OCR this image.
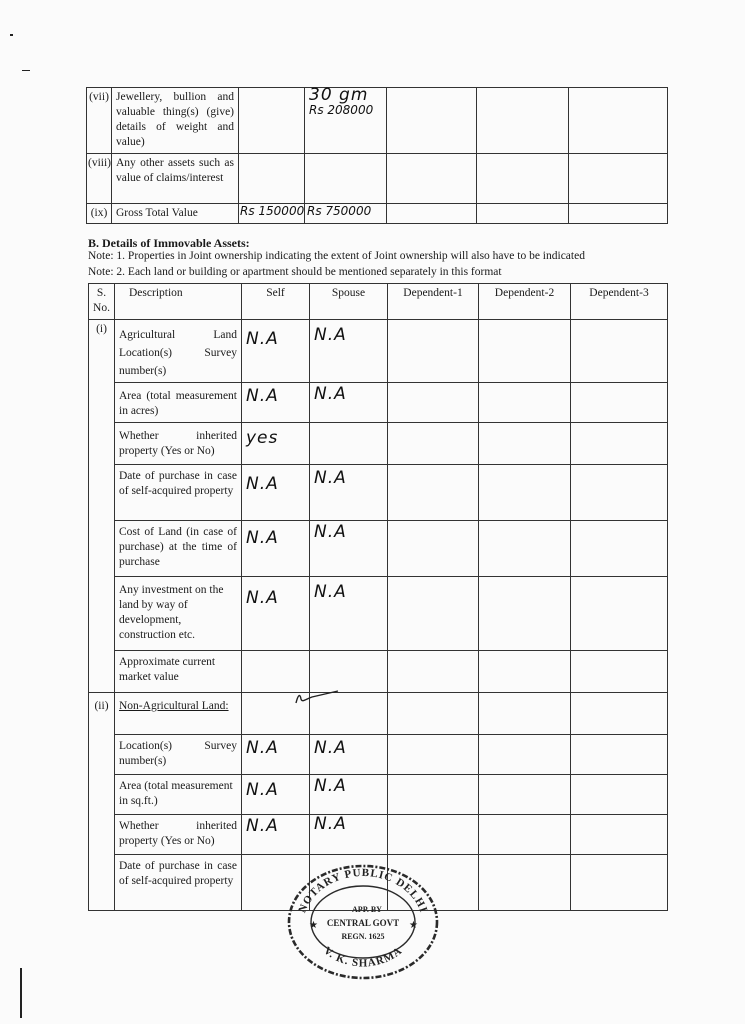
(vii)	Jewellery, bullion and valuable thing(s) (give) details of weight and value)		30 gm
Rs 208000			

(viii)	Any other assets such as value of claims/interest					
(ix)	Gross Total Value	Rs 150000	Rs 750000			
B. Details of Immovable Assets:
Note: 1. Properties in Joint ownership indicating the extent of Joint ownership will also have to be indicated
Note: 2. Each land or building or apartment should be mentioned separately in this format
S. No.	Description	Self	Spouse	Dependent-1	Dependent-2	Dependent-3
(i)	Agricultural Land Location(s) Survey number(s)	N.A	N.A			
	Area (total measurement in acres)	N.A	N.A			
	Whether inherited property (Yes or No)	yes				
	Date of purchase in case of self-acquired property	N.A	N.A			
	Cost of Land (in case of purchase) at the time of purchase	N.A	N.A			
	Any investment on the land by way of development, construction etc.	N.A	N.A			
	Approximate current market value					
(ii)	Non-Agricultural Land:	

	Location(s) Survey number(s)	N.A	N.A			
	Area (total measurement in sq.ft.)	N.A	N.A			
	Whether inherited property (Yes or No)	N.A	N.A			
	Date of purchase in case of self-acquired property					
NOTARY PUBLIC DELHI
V. K. SHARMA
APP. BY
CENTRAL GOVT
REGN. 1625
★	★
